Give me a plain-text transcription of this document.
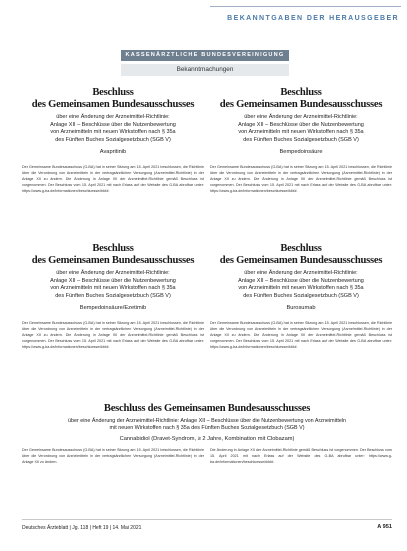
BEKANNTGABEN DER HERAUSGEBER
KASSENÄRZTLICHE BUNDESVEREINIGUNG
Bekanntmachungen
Beschluss
des Gemeinsamen Bundesausschusses
über eine Änderung der Arzneimittel-Richtlinie:
Anlage XII – Beschlüsse über die Nutzenbewertung
von Arzneimitteln mit neuen Wirkstoffen nach § 35a
des Fünften Buches Sozialgesetzbuch (SGB V)
Avapritinib
Der Gemeinsame Bundesausschuss (G-BA) hat in seiner Sitzung am 15. April 2021 beschlossen, die Richtlinie über die Verordnung von Arzneimitteln in der vertragsärztlichen Versorgung (Arzneimittel-Richtlinie) in der Anlage XII zu ändern. Die Änderung in Anlage XII der Arzneimittel-Richtlinie gemäß Beschluss ist vorgenommen. Der Beschluss vom 15. April 2021 mit nach Erlass auf der Website des G-BA abrufbar unter: https://www.g-ba.de/informationen/beschluesse/####.
Beschluss
des Gemeinsamen Bundesausschusses
über eine Änderung der Arzneimittel-Richtlinie:
Anlage XII – Beschlüsse über die Nutzenbewertung
von Arzneimitteln mit neuen Wirkstoffen nach § 35a
des Fünften Buches Sozialgesetzbuch (SGB V)
Bempedoinsäure
Der Gemeinsame Bundesausschuss (G-BA) hat in seiner Sitzung am 15. April 2021 beschlossen, die Richtlinie über die Verordnung von Arzneimitteln in der vertragsärztlichen Versorgung (Arzneimittel-Richtlinie) in der Anlage XII zu ändern. Die Änderung in Anlage XII der Arzneimittel-Richtlinie gemäß Beschluss ist vorgenommen. Der Beschluss vom 15. April 2021 mit nach Erlass auf der Website des G-BA abrufbar unter: https://www.g-ba.de/informationen/beschluesse/####.
Beschluss
des Gemeinsamen Bundesausschusses
über eine Änderung der Arzneimittel-Richtlinie:
Anlage XII – Beschlüsse über die Nutzenbewertung
von Arzneimitteln mit neuen Wirkstoffen nach § 35a
des Fünften Buches Sozialgesetzbuch (SGB V)
Bempedoinsäure/Ezetimib
Der Gemeinsame Bundesausschuss (G-BA) hat in seiner Sitzung am 15. April 2021 beschlossen, die Richtlinie über die Verordnung von Arzneimitteln in der vertragsärztlichen Versorgung (Arzneimittel-Richtlinie) in der Anlage XII zu ändern. Die Änderung in Anlage XII der Arzneimittel-Richtlinie gemäß Beschluss ist vorgenommen. Der Beschluss vom 15. April 2021 mit nach Erlass auf der Website des G-BA abrufbar unter: https://www.g-ba.de/informationen/beschluesse/####.
Beschluss
des Gemeinsamen Bundesausschusses
über eine Änderung der Arzneimittel-Richtlinie:
Anlage XII – Beschlüsse über die Nutzenbewertung
von Arzneimitteln mit neuen Wirkstoffen nach § 35a
des Fünften Buches Sozialgesetzbuch (SGB V)
Burosumab
Der Gemeinsame Bundesausschuss (G-BA) hat in seiner Sitzung am 15. April 2021 beschlossen, die Richtlinie über die Verordnung von Arzneimitteln in der vertragsärztlichen Versorgung (Arzneimittel-Richtlinie) in der Anlage XII zu ändern. Die Änderung in Anlage XII der Arzneimittel-Richtlinie gemäß Beschluss ist vorgenommen. Der Beschluss vom 15. April 2021 mit nach Erlass auf der Website des G-BA abrufbar unter: https://www.g-ba.de/informationen/beschluesse/####.
Beschluss des Gemeinsamen Bundesausschusses
über eine Änderung der Arzneimittel-Richtlinie: Anlage XII – Beschlüsse über die Nutzenbewertung von Arzneimitteln
mit neuen Wirkstoffen nach § 35a des Fünften Buches Sozialgesetzbuch (SGB V)
Cannabidiol (Dravet-Syndrom, ≥ 2 Jahre, Kombination mit Clobazam)
Der Gemeinsame Bundesausschuss (G-BA) hat in seiner Sitzung am 15. April 2021 beschlossen, die Richtlinie über die Verordnung von Arzneimitteln in der vertragsärztlichen Versorgung (Arzneimittel-Richtlinie) in der Anlage XII zu ändern.
Die Änderung in Anlage XII der Arzneimittel-Richtlinie gemäß Beschluss ist vorgenommen. Der Beschluss vom 15. April 2021 mit nach Erlass auf der Website des G-BA abrufbar unter: https://www.g-ba.de/informationen/beschluesse/####.
Deutsches Ärzteblatt | Jg. 118 | Heft 19 | 14. Mai 2021	A 951
